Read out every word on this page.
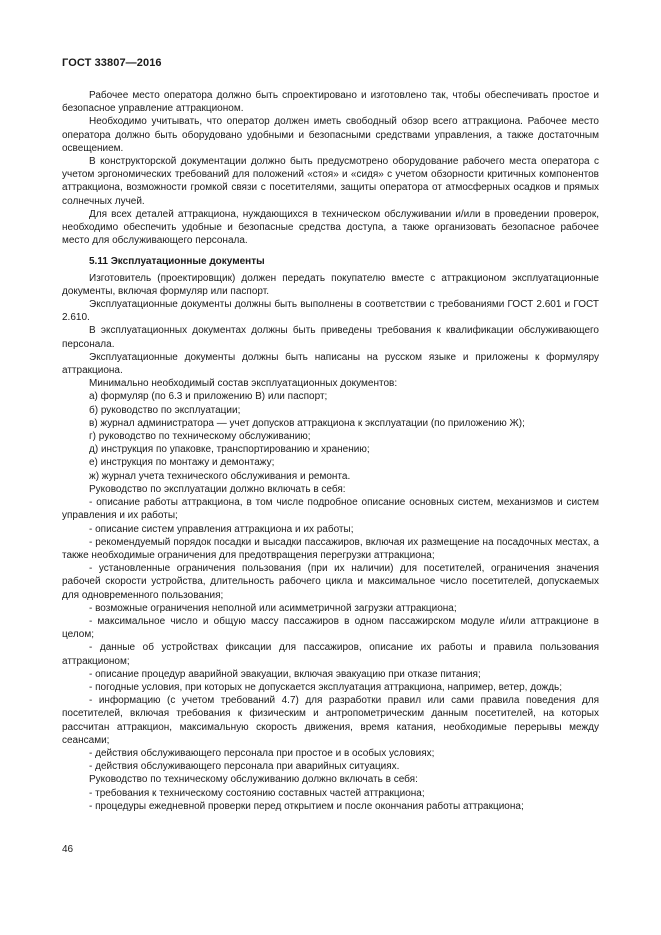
ГОСТ 33807—2016

Рабочее место оператора должно быть спроектировано и изготовлено так, чтобы обеспечивать простое и безопасное управление аттракционом.

Необходимо учитывать, что оператор должен иметь свободный обзор всего аттракциона. Рабочее место оператора должно быть оборудовано удобными и безопасными средствами управления, а также достаточным освещением.

В конструкторской документации должно быть предусмотрено оборудование рабочего места оператора с учетом эргономических требований для положений «стоя» и «сидя» с учетом обзорности критичных компонентов аттракциона, возможности громкой связи с посетителями, защиты оператора от атмосферных осадков и прямых солнечных лучей.

Для всех деталей аттракциона, нуждающихся в техническом обслуживании и/или в проведении проверок, необходимо обеспечить удобные и безопасные средства доступа, а также организовать безопасное рабочее место для обслуживающего персонала.

5.11 Эксплуатационные документы

Изготовитель (проектировщик) должен передать покупателю вместе с аттракционом эксплуатационные документы, включая формуляр или паспорт.

Эксплуатационные документы должны быть выполнены в соответствии с требованиями ГОСТ 2.601 и ГОСТ 2.610.

В эксплуатационных документах должны быть приведены требования к квалификации обслуживающего персонала.

Эксплуатационные документы должны быть написаны на русском языке и приложены к формуляру аттракциона.

Минимально необходимый состав эксплуатационных документов:

а) формуляр (по 6.3 и приложению В) или паспорт;

б) руководство по эксплуатации;

в) журнал администратора — учет допусков аттракциона к эксплуатации (по приложению Ж);

г) руководство по техническому обслуживанию;

д) инструкция по упаковке, транспортированию и хранению;

е) инструкция по монтажу и демонтажу;

ж) журнал учета технического обслуживания и ремонта.

Руководство по эксплуатации должно включать в себя:

- описание работы аттракциона, в том числе подробное описание основных систем, механизмов и систем управления и их работы;

- описание систем управления аттракциона и их работы;

- рекомендуемый порядок посадки и высадки пассажиров, включая их размещение на посадочных местах, а также необходимые ограничения для предотвращения перегрузки аттракциона;

- установленные ограничения пользования (при их наличии) для посетителей, ограничения значения рабочей скорости устройства, длительность рабочего цикла и максимальное число посетителей, допускаемых для одновременного пользования;

- возможные ограничения неполной или асимметричной загрузки аттракциона;

- максимальное число и общую массу пассажиров в одном пассажирском модуле и/или аттракционе в целом;

- данные об устройствах фиксации для пассажиров, описание их работы и правила пользования аттракционом;

- описание процедур аварийной эвакуации, включая эвакуацию при отказе питания;

- погодные условия, при которых не допускается эксплуатация аттракциона, например, ветер, дождь;

- информацию (с учетом требований 4.7) для разработки правил или сами правила поведения для посетителей, включая требования к физическим и антропометрическим данным посетителей, на которых рассчитан аттракцион, максимальную скорость движения, время катания, необходимые перерывы между сеансами;

- действия обслуживающего персонала при простое и в особых условиях;

- действия обслуживающего персонала при аварийных ситуациях.

Руководство по техническому обслуживанию должно включать в себя:

- требования к техническому состоянию составных частей аттракциона;

- процедуры ежедневной проверки перед открытием и после окончания работы аттракциона;

46
